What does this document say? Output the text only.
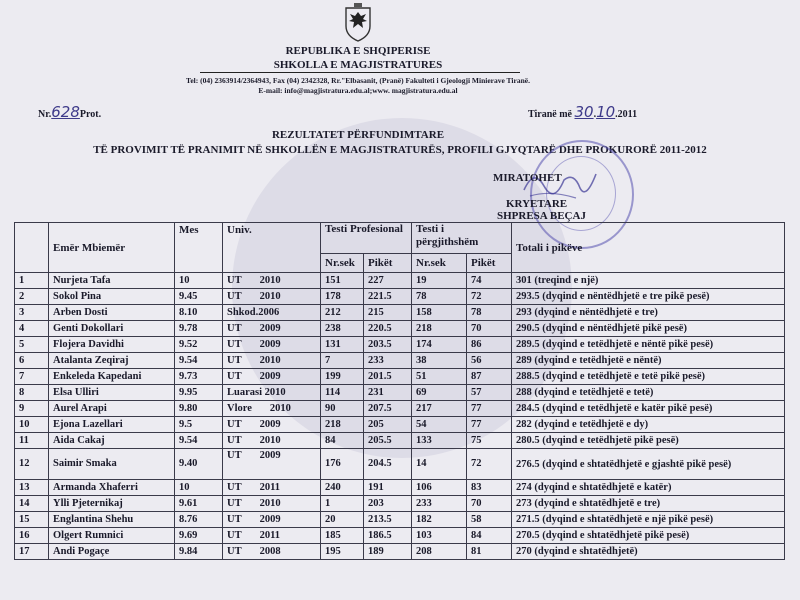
REPUBLIKA E SHQIPERISE
SHKOLLA E MAGJISTRATURES
Tel: (04) 2363914/2364943, Fax (04) 2342328, Rr."Elbasanit, (Pranë) Fakulteti i Gjeologji Minierave Tiranë.
E-mail: info@magjistratura.edu.al;www. magjistratura.edu.al
Nr.628Prot.	Tiranë më 30.10.2011
REZULTATET PËRFUNDIMTARE
TË PROVIMIT TË PRANIMIT NË SHKOLLËN E MAGJISTRATURËS, PROFILI GJYQTARË DHE PROKURORË 2011-2012
MIRATOHET
KRYETARE
SHPRESA BEÇAJ
	Emër Mbiemër	Mes	Univ.	Testi Profesional		Testi i përgjithshëm		Totali i pikëve
				Nr.sek	Pikët	Nr.sek	Pikët	
1	Nurjeta Tafa	10	UT 2010	151	227	19	74	301 (treqind e një)
2	Sokol Pina	9.45	UT 2010	178	221.5	78	72	293.5 (dyqind e nëntëdhjetë e tre pikë pesë)
3	Arben Dosti	8.10	Shkod.2006	212	215	158	78	293 (dyqind e nëntëdhjetë e tre)
4	Genti Dokollari	9.78	UT 2009	238	220.5	218	70	290.5 (dyqind e nëntëdhjetë pikë pesë)
5	Flojera Davidhi	9.52	UT 2009	131	203.5	174	86	289.5 (dyqind e tetëdhjetë e nëntë pikë pesë)
6	Atalanta Zeqiraj	9.54	UT 2010	7	233	38	56	289 (dyqind e tetëdhjetë e nëntë)
7	Enkeleda Kapedani	9.73	UT 2009	199	201.5	51	87	288.5 (dyqind e tetëdhjetë e tetë pikë pesë)
8	Elsa Ulliri	9.95	Luarasi 2010	114	231	69	57	288 (dyqind e tetëdhjetë e tetë)
9	Aurel Arapi	9.80	Vlore 2010	90	207.5	217	77	284.5 (dyqind e tetëdhjetë e katër pikë pesë)
10	Ejona Lazellari	9.5	UT 2009	218	205	54	77	282 (dyqind e tetëdhjetë e dy)
11	Aida Cakaj	9.54	UT 2010	84	205.5	133	75	280.5 (dyqind e tetëdhjetë pikë pesë)
12	Saimir Smaka	9.40	UT 2009	176	204.5	14	72	276.5 (dyqind e shtatëdhjetë e gjashtë pikë pesë)
13	Armanda Xhaferri	10	UT 2011	240	191	106	83	274 (dyqind e shtatëdhjetë e katër)
14	Ylli Pjeternikaj	9.61	UT 2010	1	203	233	70	273 (dyqind e shtatëdhjetë e tre)
15	Englantina Shehu	8.76	UT 2009	20	213.5	182	58	271.5 (dyqind e shtatëdhjetë e një pikë pesë)
16	Olgert Rumnici	9.69	UT 2011	185	186.5	103	84	270.5 (dyqind e shtatëdhjetë pikë pesë)
17	Andi Pogaçe	9.84	UT 2008	195	189	208	81	270 (dyqind e shtatëdhjetë)
